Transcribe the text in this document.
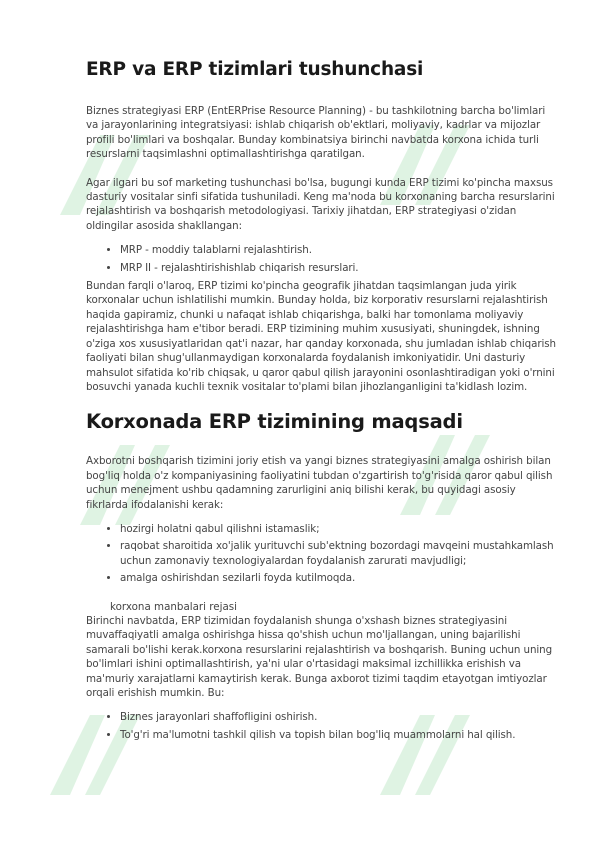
ERP va ERP tizimlari tushunchasi

Biznes strategiyasi ERP (EntERPrise Resource Planning) - bu tashkilotning barcha bo'limlari va jarayonlarining integratsiyasi: ishlab chiqarish ob'ektlari, moliyaviy, kadrlar va mijozlar profili bo'limlari va boshqalar. Bunday kombinatsiya birinchi navbatda korxona ichida turli resurslarni taqsimlashni optimallashtirishga qaratilgan.

Agar ilgari bu sof marketing tushunchasi bo'lsa, bugungi kunda ERP tizimi ko'pincha maxsus dasturiy vositalar sinfi sifatida tushuniladi. Keng ma'noda bu korxonaning barcha resurslarini rejalashtirish va boshqarish metodologiyasi. Tarixiy jihatdan, ERP strategiyasi o'zidan oldingilar asosida shakllangan:

• MRP - moddiy talablarni rejalashtirish.
• MRP II - rejalashtirishishlab chiqarish resurslari.

Bundan farqli o'laroq, ERP tizimi ko'pincha geografik jihatdan taqsimlangan juda yirik korxonalar uchun ishlatilishi mumkin. Bunday holda, biz korporativ resurslarni rejalashtirish haqida gapiramiz, chunki u nafaqat ishlab chiqarishga, balki har tomonlama moliyaviy rejalashtirishga ham e'tibor beradi. ERP tizimining muhim xususiyati, shuningdek, ishning o'ziga xos xususiyatlaridan qat'i nazar, har qanday korxonada, shu jumladan ishlab chiqarish faoliyati bilan shug'ullanmaydigan korxonalarda foydalanish imkoniyatidir. Uni dasturiy mahsulot sifatida ko'rib chiqsak, u qaror qabul qilish jarayonini osonlashtiradigan yoki o'rnini bosuvchi yanada kuchli texnik vositalar to'plami bilan jihozlanganligini ta'kidlash lozim.

Korxonada ERP tizimining maqsadi

Axborotni boshqarish tizimini joriy etish va yangi biznes strategiyasini amalga oshirish bilan bog'liq holda o'z kompaniyasining faoliyatini tubdan o'zgartirish to'g'risida qaror qabul qilish uchun menejment ushbu qadamning zarurligini aniq bilishi kerak, bu quyidagi asosiy fikrlarda ifodalanishi kerak:

• hozirgi holatni qabul qilishni istamaslik;
• raqobat sharoitida xo'jalik yurituvchi sub'ektning bozordagi mavqeini mustahkamlash uchun zamonaviy texnologiyalardan foydalanish zarurati mavjudligi;
• amalga oshirishdan sezilarli foyda kutilmoqda.
korxona manbalari rejasi

Birinchi navbatda, ERP tizimidan foydalanish shunga o'xshash biznes strategiyasini muvaffaqiyatli amalga oshirishga hissa qo'shish uchun mo'ljallangan, uning bajarilishi samarali bo'lishi kerak.korxona resurslarini rejalashtirish va boshqarish. Buning uchun uning bo'limlari ishini optimallashtirish, ya'ni ular o'rtasidagi maksimal izchillikka erishish va ma'muriy xarajatlarni kamaytirish kerak. Bunga axborot tizimi taqdim etayotgan imtiyozlar orqali erishish mumkin. Bu:

• Biznes jarayonlari shaffofligini oshirish.
• To'g'ri ma'lumotni tashkil qilish va topish bilan bog'liq muammolarni hal qilish.
